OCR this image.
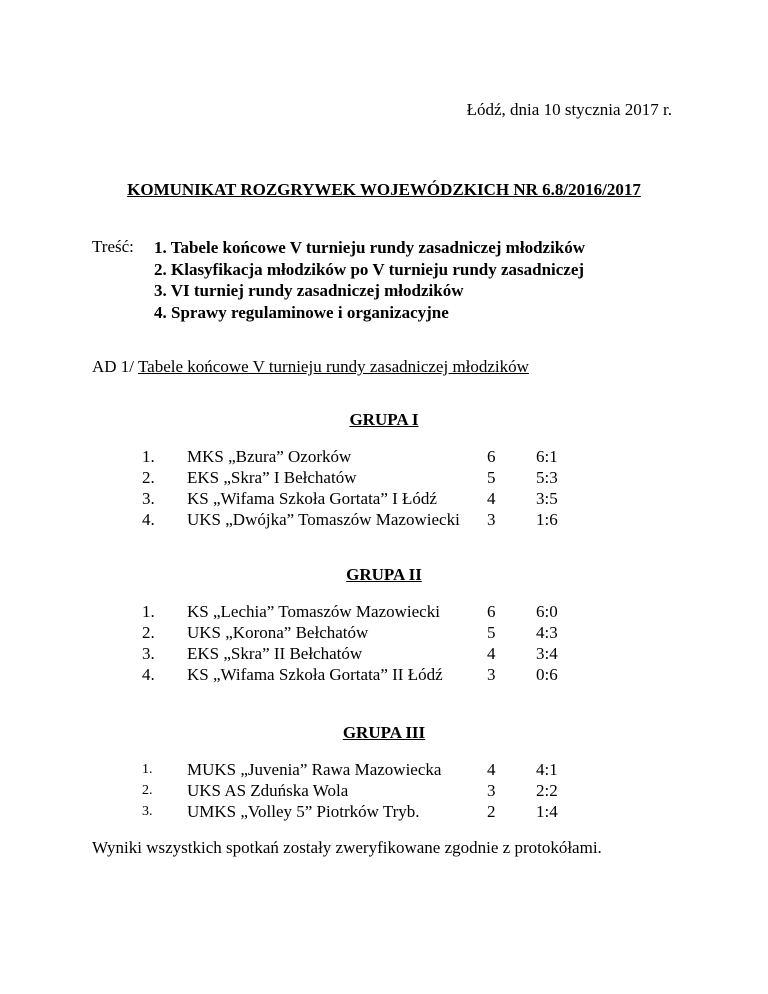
Łódź, dnia 10 stycznia 2017 r.
KOMUNIKAT ROZGRYWEK WOJEWÓDZKICH NR 6.8/2016/2017
Treść: 1. Tabele końcowe V turnieju rundy zasadniczej młodzików
2. Klasyfikacja młodzików po V turnieju rundy zasadniczej
3. VI turniej rundy zasadniczej młodzików
4. Sprawy regulaminowe i organizacyjne
AD 1/ Tabele końcowe V turnieju rundy zasadniczej młodzików
GRUPA I
1. MKS „Bzura” Ozorków	6 6:1
2. EKS „Skra” I Bełchatów	5 5:3
3. KS „Wifama Szkoła Gortata” I Łódź	4 3:5
4. UKS „Dwójka” Tomaszów Mazowiecki 3 1:6
GRUPA II
1. KS „Lechia” Tomaszów Mazowiecki	6 6:0
2. UKS „Korona” Bełchatów	5 4:3
3. EKS „Skra” II Bełchatów	4 3:4
4. KS „Wifama Szkoła Gortata” II Łódź	3 0:6
GRUPA III
1. MUKS „Juvenia” Rawa Mazowiecka	4 4:1
2. UKS AS Zduńska Wola	3 2:2
3. UMKS „Volley 5” Piotrków Tryb.	2 1:4
Wyniki wszystkich spotkań zostały zweryfikowane zgodnie z protokółami.
